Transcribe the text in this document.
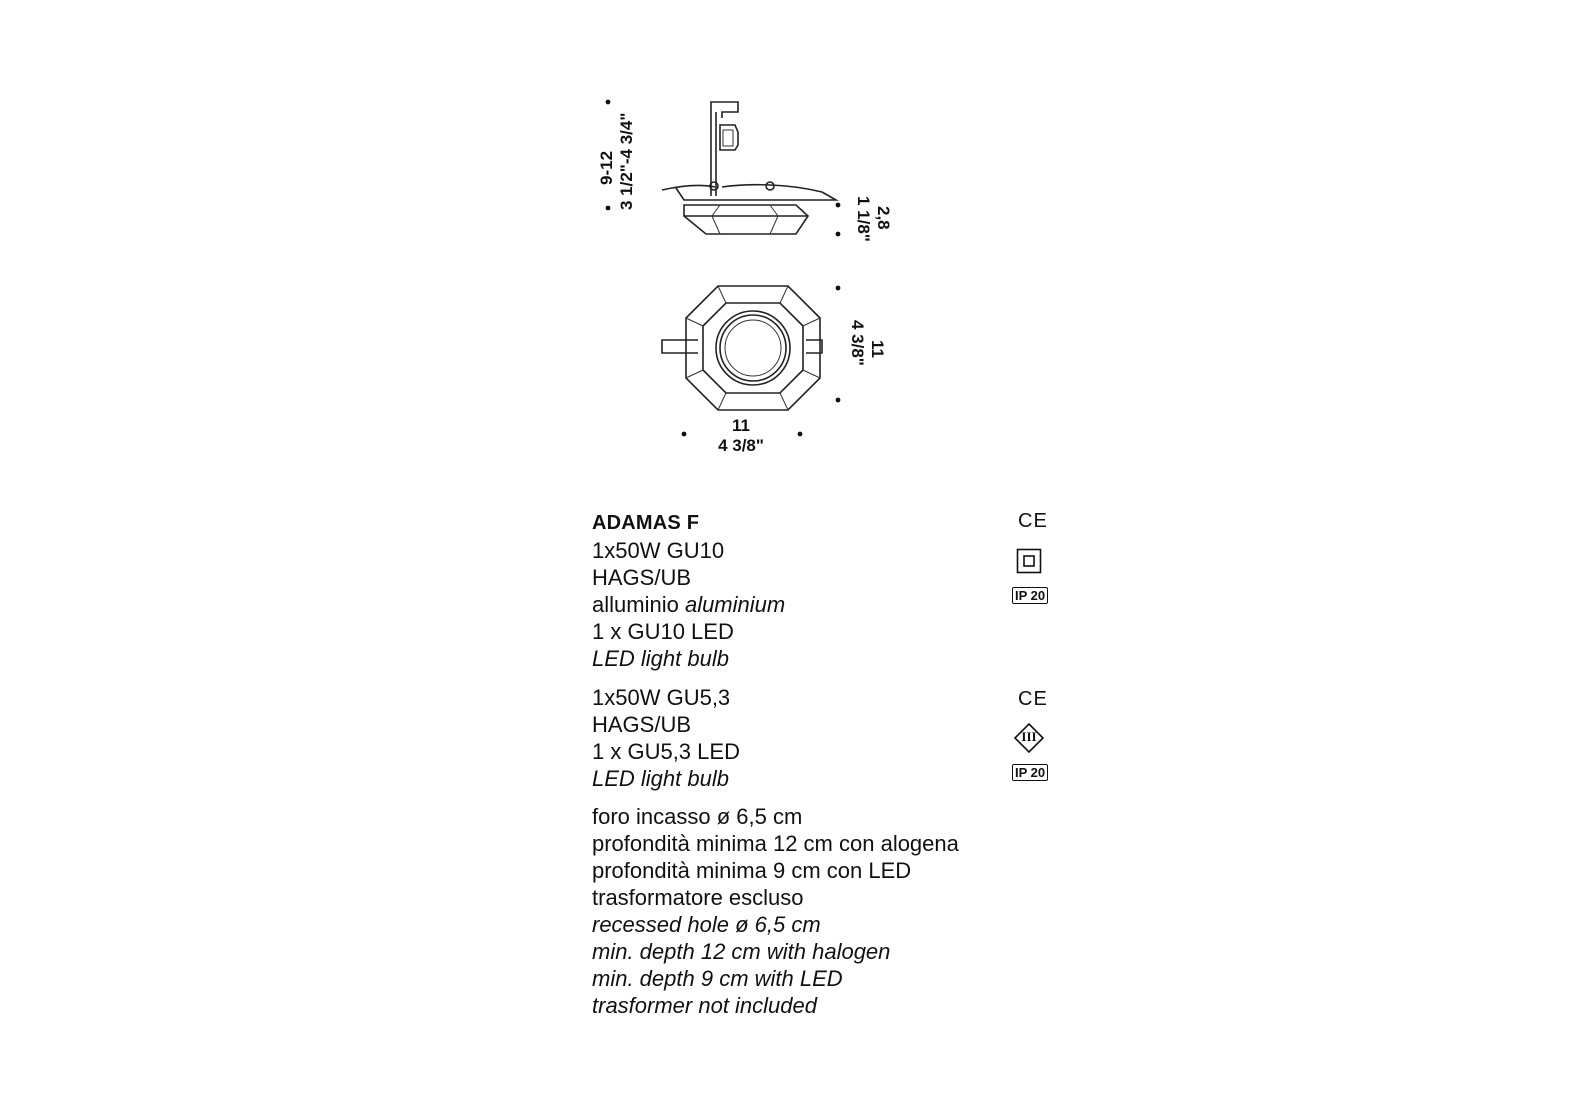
9-12 3 1/2"-4 3/4"
2,8
1 1/8"
11
4 3/8"
11
4 3/8"
ADAMAS F
1x50W GU10
HAGS/UB
alluminio aluminium
1 x GU10 LED
LED light bulb
1x50W GU5,3
HAGS/UB
1 x GU5,3 LED
LED light bulb
foro incasso ø 6,5 cm
profondità minima 12 cm con alogena
profondità minima 9 cm con LED
trasformatore escluso
recessed hole ø 6,5 cm
min. depth 12 cm with halogen
min. depth 9 cm with LED
trasformer not included
CE
IP 20
CE
III
IP 20
